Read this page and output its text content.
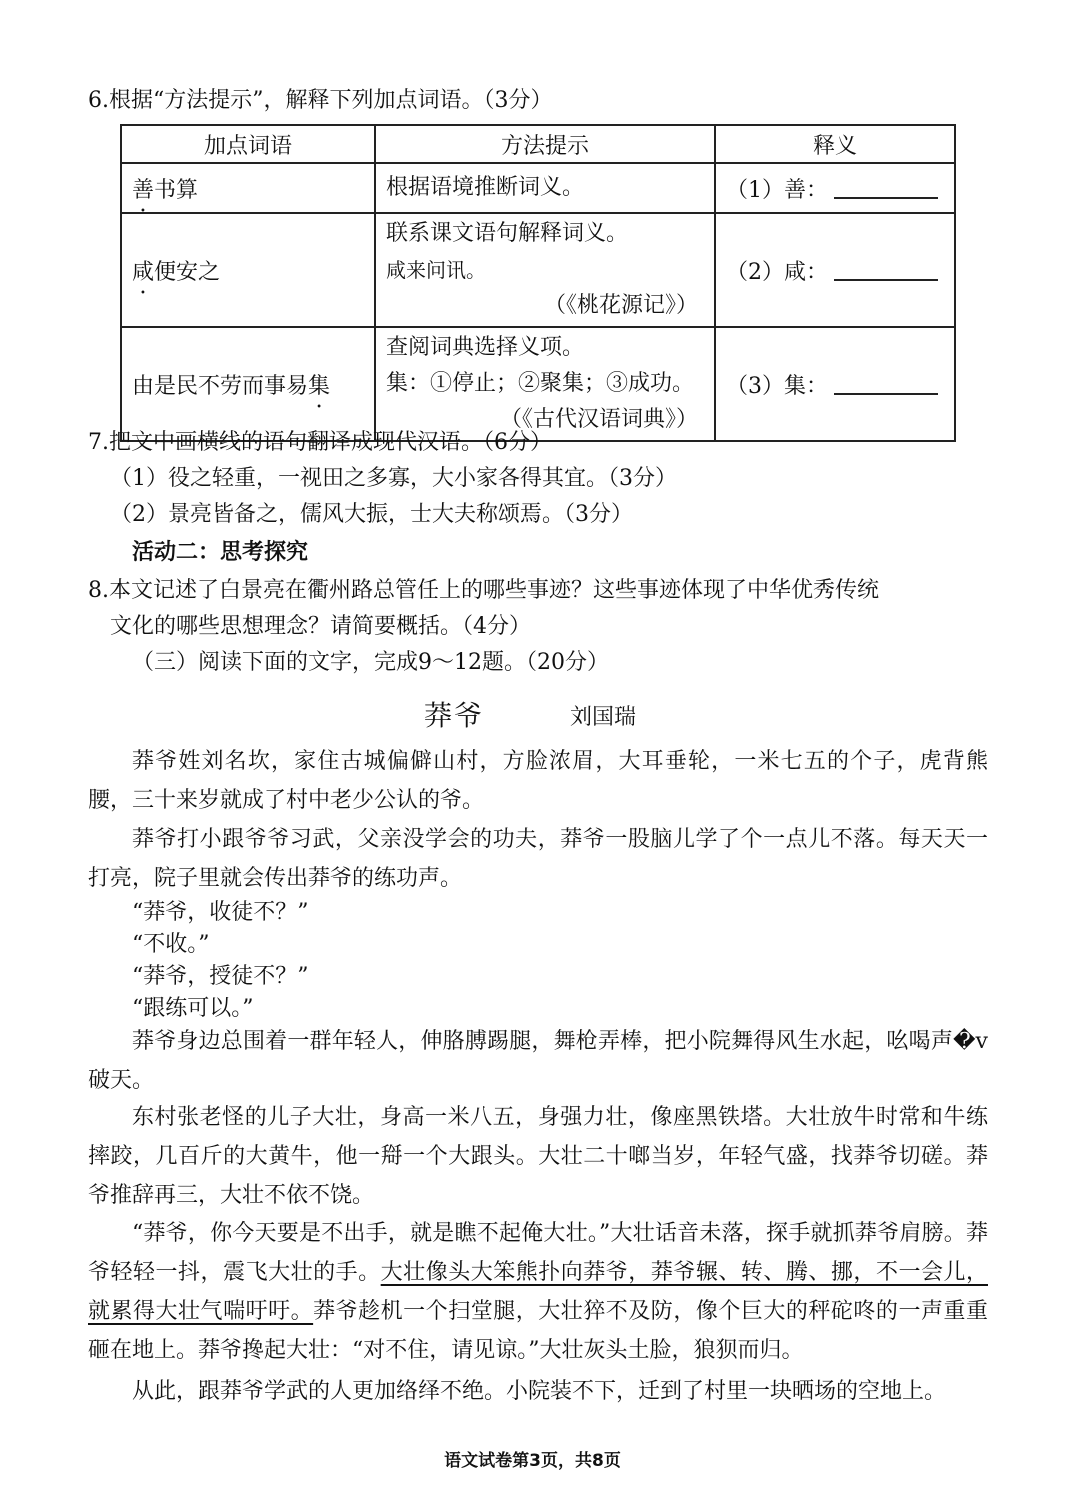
6.根据“方法提示”，解释下列加点词语。（3分）
加点词语	方法提示	释义
善书算	根据语境推断词义。	（1）善：
咸便安之	联系课文语句解释词义。
咸来问讯。
（《桃花源记》）	（2）咸：
由是民不劳而事易集	查阅词典选择义项。
集：①停止；②聚集；③成功。
（《古代汉语词典》）	（3）集：
7.把文中画横线的语句翻译成现代汉语。（6分）
（1）役之轻重，一视田之多寡，大小家各得其宜。（3分）
（2）景亮皆备之，儒风大振，士大夫称颂焉。（3分）
活动二：思考探究
8.本文记述了白景亮在衢州路总管任上的哪些事迹？这些事迹体现了中华优秀传统
文化的哪些思想理念？请简要概括。（4分）
（三）阅读下面的文字，完成9～12题。（20分）
莽爷	刘国瑞
莽爷姓刘名坎，家住古城偏僻山村，方脸浓眉，大耳垂轮，一米七五的个子，虎背熊腰，三十来岁就成了村中老少公认的爷。
莽爷打小跟爷爷习武，父亲没学会的功夫，莽爷一股脑儿学了个一点儿不落。每天天一打亮，院子里就会传出莽爷的练功声。
“莽爷，收徒不？”
“不收。”
“莽爷，授徒不？”
“跟练可以。”
莽爷身边总围着一群年轻人，伸胳膊踢腿，舞枪弄棒，把小院舞得风生水起，吆喝声�v破天。
东村张老怪的儿子大壮，身高一米八五，身强力壮，像座黑铁塔。大壮放牛时常和牛练摔跤，几百斤的大黄牛，他一搿一个大跟头。大壮二十啷当岁，年轻气盛，找莽爷切磋。莽爷推辞再三，大壮不依不饶。
“莽爷，你今天要是不出手，就是瞧不起俺大壮。”大壮话音未落，探手就抓莽爷肩膀。莽爷轻轻一抖，震飞大壮的手。大壮像头大笨熊扑向莽爷，莽爷辗、转、腾、挪，不一会儿，就累得大壮气喘吁吁。莽爷趁机一个扫堂腿，大壮猝不及防，像个巨大的秤砣咚的一声重重砸在地上。莽爷搀起大壮：“对不住，请见谅。”大壮灰头土脸，狼狈而归。
从此，跟莽爷学武的人更加络绎不绝。小院装不下，迁到了村里一块晒场的空地上。
语文试卷第3页，共8页
